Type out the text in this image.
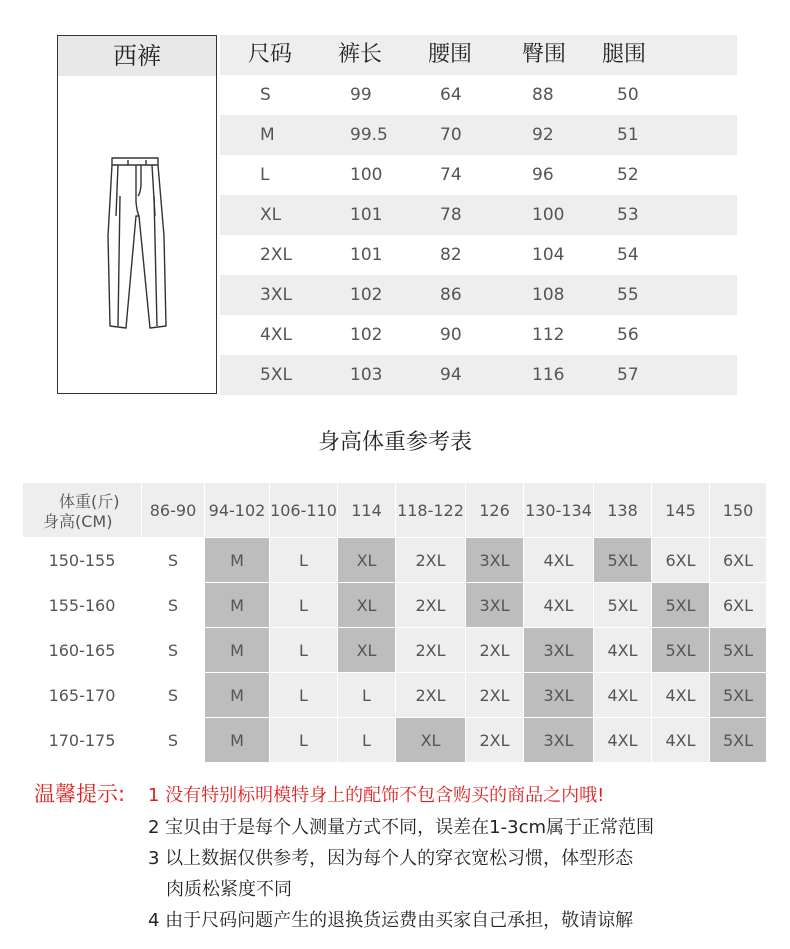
西裤	尺码 裤长 腰围 臀围 腿围
S	99	64	88	50
M	99.5	70	92	51
L	100	74	96	52
XL	101	78	100	53
2XL	101	82	104	54
3XL	102	86	108	55
4XL	102	90	112	56
5XL	103	94	116	57
身高体重参考表
体重(斤)
身高(CM)	86-90	94-102	106-110	114	118-122	126	130-134	138	145	150
150-155	S	M	L	XL	2XL	3XL	4XL	5XL	6XL	6XL
155-160	S	M	L	XL	2XL	3XL	4XL	5XL	5XL	6XL
160-165	S	M	L	XL	2XL	2XL	3XL	4XL	5XL	5XL
165-170	S	M	L	L	2XL	2XL	3XL	4XL	4XL	5XL
170-175	S	M	L	L	XL	2XL	3XL	4XL	4XL	5XL
温馨提示: 1 没有特别标明模特身上的配饰不包含购买的商品之内哦!
2 宝贝由于是每个人测量方式不同，误差在1-3cm属于正常范围
3 以上数据仅供参考，因为每个人的穿衣宽松习惯，体型形态
肉质松紧度不同
4 由于尺码问题产生的退换货运费由买家自己承担，敬请谅解
